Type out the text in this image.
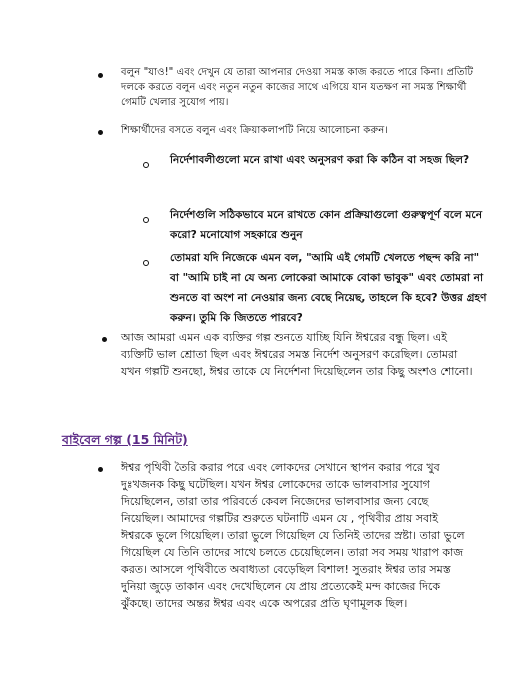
বলুন "যাও!" এবং দেখুন যে তারা আপনার দেওয়া সমস্ত কাজ করতে পারে কিনা। প্রতিটি দলকে করতে বলুন এবং নতুন নতুন কাজের সাথে এগিয়ে যান যতক্ষণ না সমস্ত শিক্ষার্থী গেমটি খেলার সুযোগ পায়।
শিক্ষার্থীদের বসতে বলুন এবং ক্রিয়াকলাপটি নিয়ে আলোচনা করুন।
নির্দেশাবলীগুলো মনে রাখা এবং অনুসরণ করা কি কঠিন বা সহজ ছিল?
নির্দেশগুলি সঠিকভাবে মনে রাখতে কোন প্রক্রিয়াগুলো গুরুত্বপূর্ণ বলে মনে করো? মনোযোগ সহকারে শুনুন
তোমরা যদি নিজেকে এমন বল, "আমি এই গেমটি খেলতে পছন্দ করি না" বা "আমি চাই না যে অন্য লোকেরা আমাকে বোকা ভাবুক" এবং তোমরা না শুনতে বা অংশ না নেওয়ার জন্য বেছে নিয়েছ, তাহলে কি হবে? উত্তর গ্রহণ করুন। তুমি কি জিততে পারবে?
আজ আমরা এমন এক ব্যক্তির গল্প শুনতে যাচ্ছি যিনি ঈশ্বরের বন্ধু ছিল। এই ব্যক্তিটি ভাল শ্রোতা ছিল এবং ঈশ্বরের সমস্ত নির্দেশ অনুসরণ করেছিল। তোমরা যখন গল্পটি শুনছো, ঈশ্বর তাকে যে নির্দেশনা দিয়েছিলেন তার কিছু অংশও শোনো।
বাইবেল গল্প (15 মিনিট)
ঈশ্বর পৃথিবী তৈরি করার পরে এবং লোকদের সেখানে স্থাপন করার পরে খুব দুঃখজনক কিছু ঘটেছিল। যখন ঈশ্বর লোকেদের তাকে ভালবাসার সুযোগ দিয়েছিলেন, তারা তার পরিবর্তে কেবল নিজেদের ভালবাসার জন্য বেছে নিয়েছিল। আমাদের গল্পটির শুরুতে ঘটনাটি এমন যে , পৃথিবীর প্রায় সবাই ঈশ্বরকে ভুলে গিয়েছিল। তারা ভুলে গিয়েছিল যে তিনিই তাদের স্রষ্টা। তারা ভুলে গিয়েছিল যে তিনি তাদের সাথে চলতে চেয়েছিলেন। তারা সব সময় খারাপ কাজ করত। আসলে পৃথিবীতে অবাধ্যতা বেড়েছিল বিশাল! সুতরাং ঈশ্বর তার সমস্ত দুনিয়া জুড়ে তাকান এবং দেখেছিলেন যে প্রায় প্রত্যেকেই মন্দ কাজের দিকে ঝুঁকছে। তাদের অন্তর ঈশ্বর এবং একে অপরের প্রতি ঘৃণামূলক ছিল।
